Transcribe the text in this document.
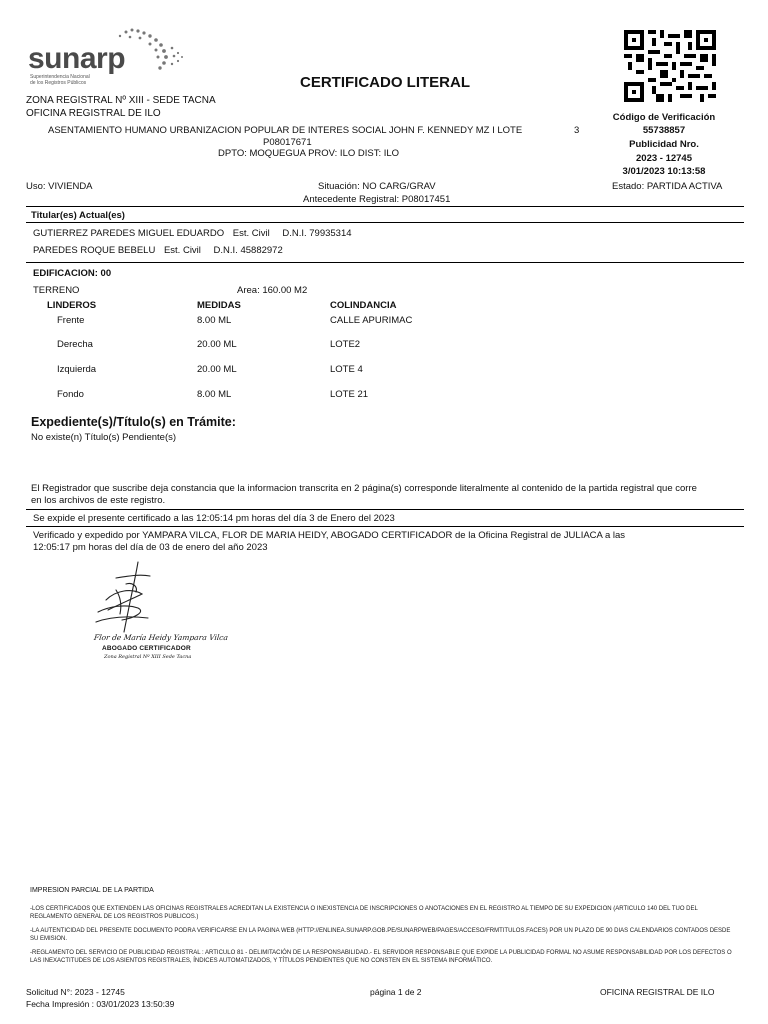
sunarp
Superintendencia Nacional
de los Registros Públicos	CERTIFICADO LITERAL
Código de Verificación
55738857
Publicidad Nro.
2023 - 12745
3/01/2023 10:13:58
ZONA REGISTRAL Nº XIII - SEDE TACNA
OFICINA REGISTRAL DE ILO
ASENTAMIENTO HUMANO URBANIZACION POPULAR DE INTERES SOCIAL JOHN F. KENNEDY MZ I LOTE	3
P08017671
DPTO: MOQUEGUA PROV: ILO DIST: ILO
Uso: VIVIENDA	Situación: NO CARG/GRAV	Estado: PARTIDA ACTIVA
Antecedente Registral: P08017451
Titular(es) Actual(es)
GUTIERREZ PAREDES MIGUEL EDUARDO Est. Civil D.N.I. 79935314
PAREDES ROQUE BEBELU Est. Civil D.N.I. 45882972
EDIFICACION: 00
TERRENO	Area: 160.00 M2
LINDEROS	MEDIDAS	COLINDANCIA
Frente	8.00 ML	CALLE APURIMAC
Derecha	20.00 ML	LOTE2
Izquierda	20.00 ML	LOTE 4
Fondo	8.00 ML	LOTE 21
Expediente(s)/Título(s) en Trámite:
No existe(n) Título(s) Pendiente(s)
El Registrador que suscribe deja constancia que la informacion transcrita en 2 página(s) corresponde literalmente al contenido de la partida registral que corre
en los archivos de este registro.
Se expide el presente certificado a las 12:05:14 pm horas del día 3 de Enero del 2023
Verificado y expedido por YAMPARA VILCA, FLOR DE MARIA HEIDY, ABOGADO CERTIFICADOR de la Oficina Registral de JULIACA a las
12:05:17 pm horas del día de 03 de enero del año 2023
Flor de María Heidy Yampara Vilca
ABOGADO CERTIFICADOR
Zona Registral Nº XIII Sede Tacna
IMPRESION PARCIAL DE LA PARTIDA
-LOS CERTIFICADOS QUE EXTIENDEN LAS OFICINAS REGISTRALES ACREDITAN LA EXISTENCIA O INEXISTENCIA DE INSCRIPCIONES O ANOTACIONES EN EL REGISTRO AL TIEMPO DE SU EXPEDICION (ARTICULO 140 DEL TUO DEL REGLAMENTO GENERAL DE LOS REGISTROS PUBLICOS.)
-LA AUTENTICIDAD DEL PRESENTE DOCUMENTO PODRA VERIFICARSE EN LA PAGINA WEB (HTTP://ENLINEA.SUNARP.GOB.PE/SUNARPWEB/PAGES/ACCESO/FRMTITULOS.FACES) POR UN PLAZO DE 90 DIAS CALENDARIOS CONTADOS DESDE SU EMISION.
-REGLAMENTO DEL SERVICIO DE PUBLICIDAD REGISTRAL : ARTICULO 81 - DELIMITACIÓN DE LA RESPONSABILIDAD.- EL SERVIDOR RESPONSABLE QUE EXPIDE LA PUBLICIDAD FORMAL NO ASUME RESPONSABILIDAD POR LOS DEFECTOS O LAS INEXACTITUDES DE LOS ASIENTOS REGISTRALES, ÍNDICES AUTOMATIZADOS, Y TÍTULOS PENDIENTES QUE NO CONSTEN EN EL SISTEMA INFORMÁTICO.
Solicitud N°: 2023 - 12745
Fecha Impresión : 03/01/2023 13:50:39
página 1 de 2	OFICINA REGISTRAL DE ILO
